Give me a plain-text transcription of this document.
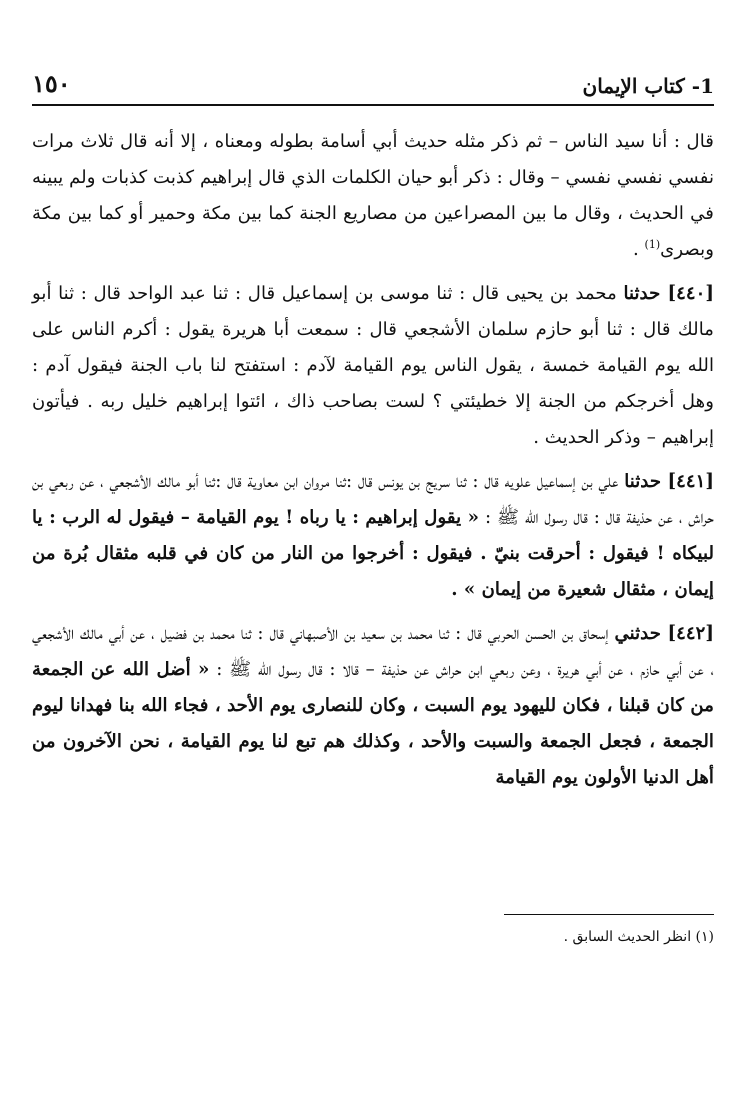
1- كتاب الإيمان
١٥٠

قال : أنا سيد الناس – ثم ذكر مثله حديث أبي أسامة بطوله ومعناه ، إلا أنه قال ثلاث مرات نفسي نفسي نفسي – وقال : ذكر أبو حيان الكلمات الذي قال إبراهيم كذبت كذبات ولم يبينه في الحديث ، وقال ما بين المصراعين من مصاريع الجنة كما بين مكة وحمير أو كما بين مكة وبصرى$^{(1)}$ .

[٤٤٠] حدثنا محمد بن يحيى قال : ثنا موسى بن إسماعيل قال : ثنا عبد الواحد قال : ثنا أبو مالك قال : ثنا أبو حازم سلمان الأشجعي قال : سمعت أبا هريرة يقول : أكرم الناس على الله يوم القيامة خمسة ، يقول الناس يوم القيامة لآدم : استفتح لنا باب الجنة فيقول آدم : وهل أخرجكم من الجنة إلا خطيئتي ؟ لست بصاحب ذاك ، ائتوا إبراهيم خليل ربه . فيأتون إبراهيم – وذكر الحديث .

[٤٤١] حدثنا علي بن إسماعيل علويه قال : ثنا سريج بن يونس قال :ثنا مروان ابن معاوية قال :ثنا أبو مالك الأشجعي ، عن ربعي بن حراش ، عن حذيفة قال : قال رسول الله ﷺ : « يقول إبراهيم : يا رباه ! يوم القيامة – فيقول له الرب : يا لبيكاه ! فيقول : أحرقت بنيّ . فيقول : أخرجوا من النار من كان في قلبه مثقال بُرة من إيمان ، مثقال شعيرة من إيمان » .

[٤٤٢] حدثني إسحاق بن الحسن الحربي قال : ثنا محمد بن سعيد بن الأصبهاني قال : ثنا محمد بن فضيل ، عن أبي مالك الأشجعي ، عن أبي حازم ، عن أبي هريرة ، وعن ربعي ابن حراش عن حذيفة – قالا : قال رسول الله ﷺ : « أضل الله عن الجمعة من كان قبلنا ، فكان لليهود يوم السبت ، وكان للنصارى يوم الأحد ، فجاء الله بنا فهدانا ليوم الجمعة ، فجعل الجمعة والسبت والأحد ، وكذلك هم تبع لنا يوم القيامة ، نحن الآخرون من أهل الدنيا الأولون يوم القيامة

(١) انظر الحديث السابق .
